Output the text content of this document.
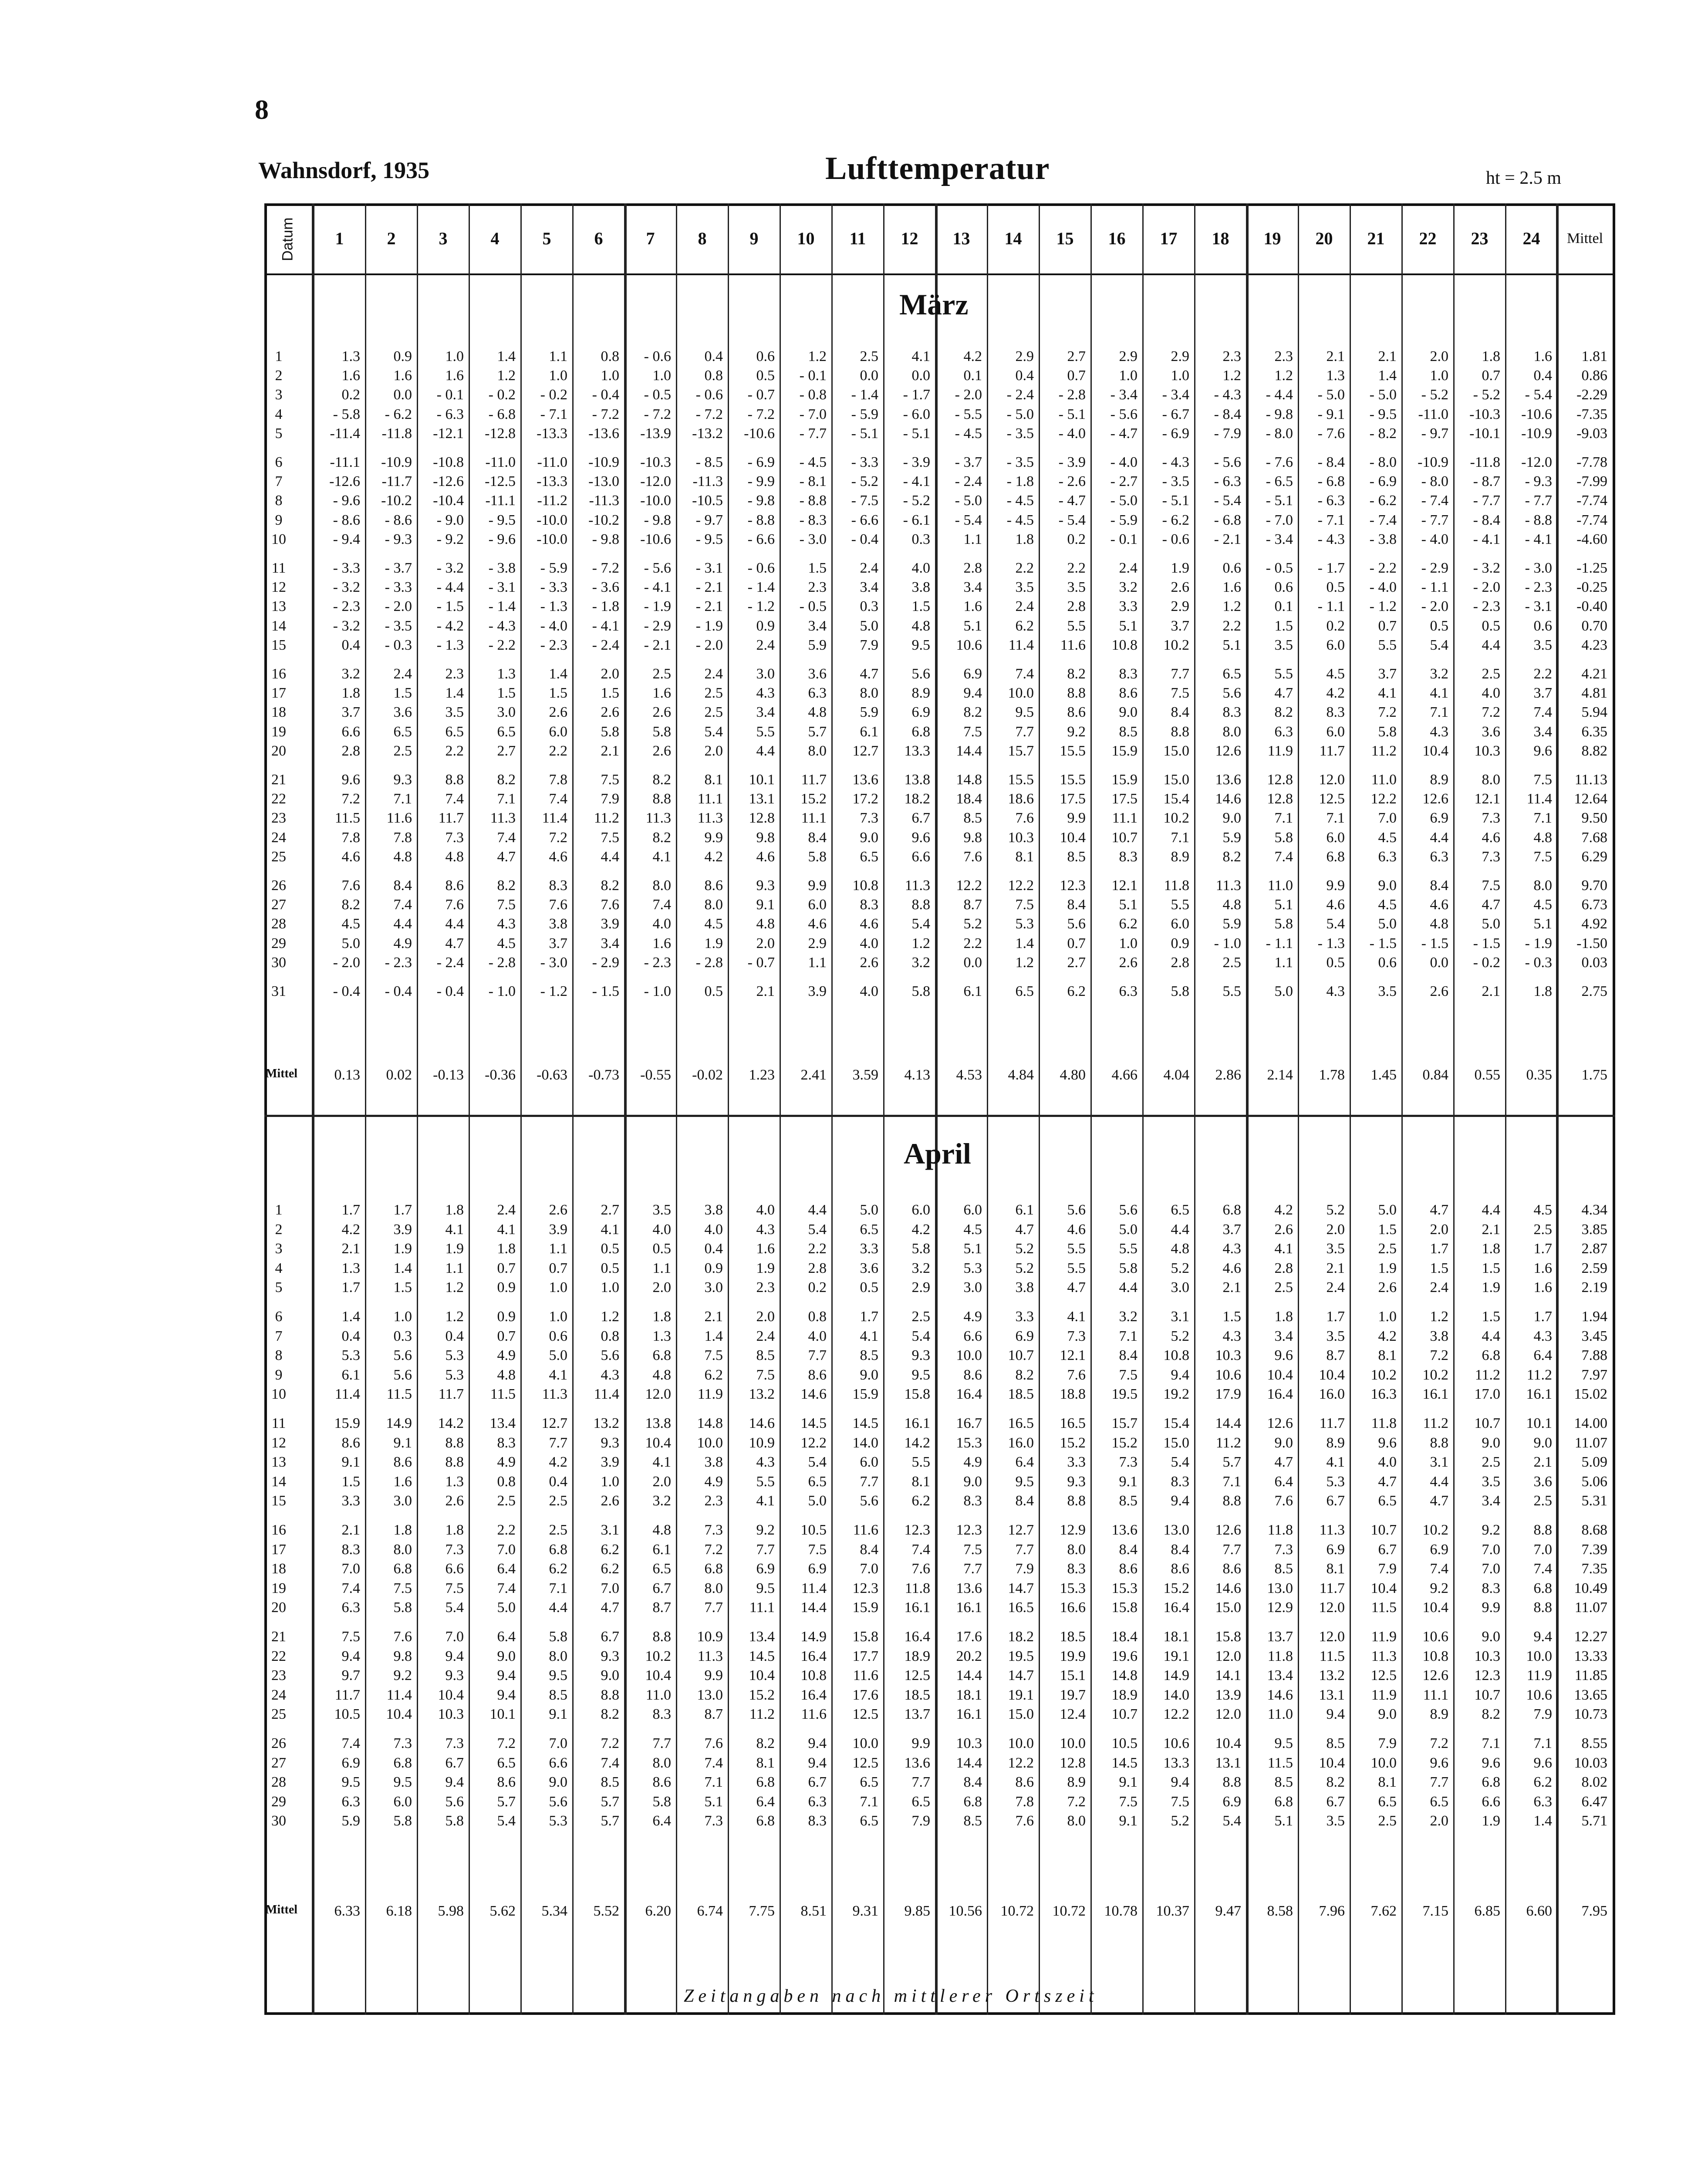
8
Wahnsdorf, 1935	Lufttemperatur	ht = 2.5 m
1	2	3	4	5	6	7	8	9	10	11	12	13	14	15	16	17	18	19	20	21	22	23	24	Mittel
Datum
März
1	1.3	0.9	1.0	1.4	1.1	0.8	- 0.6	0.4	0.6	1.2	2.5	4.1	4.2	2.9	2.7	2.9	2.9	2.3	2.3	2.1	2.1	2.0	1.8	1.6	1.81
2	1.6	1.6	1.6	1.2	1.0	1.0	1.0	0.8	0.5	- 0.1	0.0	0.0	0.1	0.4	0.7	1.0	1.0	1.2	1.2	1.3	1.4	1.0	0.7	0.4	0.86
3	0.2	0.0	- 0.1	- 0.2	- 0.2	- 0.4	- 0.5	- 0.6	- 0.7	- 0.8	- 1.4	- 1.7	- 2.0	- 2.4	- 2.8	- 3.4	- 3.4	- 4.3	- 4.4	- 5.0	- 5.0	- 5.2	- 5.2	- 5.4	-2.29
4	- 5.8	- 6.2	- 6.3	- 6.8	- 7.1	- 7.2	- 7.2	- 7.2	- 7.2	- 7.0	- 5.9	- 6.0	- 5.5	- 5.0	- 5.1	- 5.6	- 6.7	- 8.4	- 9.8	- 9.1	- 9.5	-11.0	-10.3	-10.6	-7.35
5	-11.4	-11.8	-12.1	-12.8	-13.3	-13.6	-13.9	-13.2	-10.6	- 7.7	- 5.1	- 5.1	- 4.5	- 3.5	- 4.0	- 4.7	- 6.9	- 7.9	- 8.0	- 7.6	- 8.2	- 9.7	-10.1	-10.9	-9.03
6	-11.1	-10.9	-10.8	-11.0	-11.0	-10.9	-10.3	- 8.5	- 6.9	- 4.5	- 3.3	- 3.9	- 3.7	- 3.5	- 3.9	- 4.0	- 4.3	- 5.6	- 7.6	- 8.4	- 8.0	-10.9	-11.8	-12.0	-7.78
7	-12.6	-11.7	-12.6	-12.5	-13.3	-13.0	-12.0	-11.3	- 9.9	- 8.1	- 5.2	- 4.1	- 2.4	- 1.8	- 2.6	- 2.7	- 3.5	- 6.3	- 6.5	- 6.8	- 6.9	- 8.0	- 8.7	- 9.3	-7.99
8	- 9.6	-10.2	-10.4	-11.1	-11.2	-11.3	-10.0	-10.5	- 9.8	- 8.8	- 7.5	- 5.2	- 5.0	- 4.5	- 4.7	- 5.0	- 5.1	- 5.4	- 5.1	- 6.3	- 6.2	- 7.4	- 7.7	- 7.7	-7.74
9	- 8.6	- 8.6	- 9.0	- 9.5	-10.0	-10.2	- 9.8	- 9.7	- 8.8	- 8.3	- 6.6	- 6.1	- 5.4	- 4.5	- 5.4	- 5.9	- 6.2	- 6.8	- 7.0	- 7.1	- 7.4	- 7.7	- 8.4	- 8.8	-7.74
10	- 9.4	- 9.3	- 9.2	- 9.6	-10.0	- 9.8	-10.6	- 9.5	- 6.6	- 3.0	- 0.4	0.3	1.1	1.8	0.2	- 0.1	- 0.6	- 2.1	- 3.4	- 4.3	- 3.8	- 4.0	- 4.1	- 4.1	-4.60
11	- 3.3	- 3.7	- 3.2	- 3.8	- 5.9	- 7.2	- 5.6	- 3.1	- 0.6	1.5	2.4	4.0	2.8	2.2	2.2	2.4	1.9	0.6	- 0.5	- 1.7	- 2.2	- 2.9	- 3.2	- 3.0	-1.25
12	- 3.2	- 3.3	- 4.4	- 3.1	- 3.3	- 3.6	- 4.1	- 2.1	- 1.4	2.3	3.4	3.8	3.4	3.5	3.5	3.2	2.6	1.6	0.6	0.5	- 4.0	- 1.1	- 2.0	- 2.3	-0.25
13	- 2.3	- 2.0	- 1.5	- 1.4	- 1.3	- 1.8	- 1.9	- 2.1	- 1.2	- 0.5	0.3	1.5	1.6	2.4	2.8	3.3	2.9	1.2	0.1	- 1.1	- 1.2	- 2.0	- 2.3	- 3.1	-0.40
14	- 3.2	- 3.5	- 4.2	- 4.3	- 4.0	- 4.1	- 2.9	- 1.9	0.9	3.4	5.0	4.8	5.1	6.2	5.5	5.1	3.7	2.2	1.5	0.2	0.7	0.5	0.5	0.6	0.70
15	0.4	- 0.3	- 1.3	- 2.2	- 2.3	- 2.4	- 2.1	- 2.0	2.4	5.9	7.9	9.5	10.6	11.4	11.6	10.8	10.2	5.1	3.5	6.0	5.5	5.4	4.4	3.5	4.23
16	3.2	2.4	2.3	1.3	1.4	2.0	2.5	2.4	3.0	3.6	4.7	5.6	6.9	7.4	8.2	8.3	7.7	6.5	5.5	4.5	3.7	3.2	2.5	2.2	4.21
17	1.8	1.5	1.4	1.5	1.5	1.5	1.6	2.5	4.3	6.3	8.0	8.9	9.4	10.0	8.8	8.6	7.5	5.6	4.7	4.2	4.1	4.1	4.0	3.7	4.81
18	3.7	3.6	3.5	3.0	2.6	2.6	2.6	2.5	3.4	4.8	5.9	6.9	8.2	9.5	8.6	9.0	8.4	8.3	8.2	8.3	7.2	7.1	7.2	7.4	5.94
19	6.6	6.5	6.5	6.5	6.0	5.8	5.8	5.4	5.5	5.7	6.1	6.8	7.5	7.7	9.2	8.5	8.8	8.0	6.3	6.0	5.8	4.3	3.6	3.4	6.35
20	2.8	2.5	2.2	2.7	2.2	2.1	2.6	2.0	4.4	8.0	12.7	13.3	14.4	15.7	15.5	15.9	15.0	12.6	11.9	11.7	11.2	10.4	10.3	9.6	8.82
21	9.6	9.3	8.8	8.2	7.8	7.5	8.2	8.1	10.1	11.7	13.6	13.8	14.8	15.5	15.5	15.9	15.0	13.6	12.8	12.0	11.0	8.9	8.0	7.5	11.13
22	7.2	7.1	7.4	7.1	7.4	7.9	8.8	11.1	13.1	15.2	17.2	18.2	18.4	18.6	17.5	17.5	15.4	14.6	12.8	12.5	12.2	12.6	12.1	11.4	12.64
23	11.5	11.6	11.7	11.3	11.4	11.2	11.3	11.3	12.8	11.1	7.3	6.7	8.5	7.6	9.9	11.1	10.2	9.0	7.1	7.1	7.0	6.9	7.3	7.1	9.50
24	7.8	7.8	7.3	7.4	7.2	7.5	8.2	9.9	9.8	8.4	9.0	9.6	9.8	10.3	10.4	10.7	7.1	5.9	5.8	6.0	4.5	4.4	4.6	4.8	7.68
25	4.6	4.8	4.8	4.7	4.6	4.4	4.1	4.2	4.6	5.8	6.5	6.6	7.6	8.1	8.5	8.3	8.9	8.2	7.4	6.8	6.3	6.3	7.3	7.5	6.29
26	7.6	8.4	8.6	8.2	8.3	8.2	8.0	8.6	9.3	9.9	10.8	11.3	12.2	12.2	12.3	12.1	11.8	11.3	11.0	9.9	9.0	8.4	7.5	8.0	9.70
27	8.2	7.4	7.6	7.5	7.6	7.6	7.4	8.0	9.1	6.0	8.3	8.8	8.7	7.5	8.4	5.1	5.5	4.8	5.1	4.6	4.5	4.6	4.7	4.5	6.73
28	4.5	4.4	4.4	4.3	3.8	3.9	4.0	4.5	4.8	4.6	4.6	5.4	5.2	5.3	5.6	6.2	6.0	5.9	5.8	5.4	5.0	4.8	5.0	5.1	4.92
29	5.0	4.9	4.7	4.5	3.7	3.4	1.6	1.9	2.0	2.9	4.0	1.2	2.2	1.4	0.7	1.0	0.9	- 1.0	- 1.1	- 1.3	- 1.5	- 1.5	- 1.5	- 1.9	-1.50
30	- 2.0	- 2.3	- 2.4	- 2.8	- 3.0	- 2.9	- 2.3	- 2.8	- 0.7	1.1	2.6	3.2	0.0	1.2	2.7	2.6	2.8	2.5	1.1	0.5	0.6	0.0	- 0.2	- 0.3	0.03
31	- 0.4	- 0.4	- 0.4	- 1.0	- 1.2	- 1.5	- 1.0	0.5	2.1	3.9	4.0	5.8	6.1	6.5	6.2	6.3	5.8	5.5	5.0	4.3	3.5	2.6	2.1	1.8	2.75
Mittel	0.13	0.02	-0.13	-0.36	-0.63	-0.73	-0.55	-0.02	1.23	2.41	3.59	4.13	4.53	4.84	4.80	4.66	4.04	2.86	2.14	1.78	1.45	0.84	0.55	0.35	1.75
April
1	1.7	1.7	1.8	2.4	2.6	2.7	3.5	3.8	4.0	4.4	5.0	6.0	6.0	6.1	5.6	5.6	6.5	6.8	4.2	5.2	5.0	4.7	4.4	4.5	4.34
2	4.2	3.9	4.1	4.1	3.9	4.1	4.0	4.0	4.3	5.4	6.5	4.2	4.5	4.7	4.6	5.0	4.4	3.7	2.6	2.0	1.5	2.0	2.1	2.5	3.85
3	2.1	1.9	1.9	1.8	1.1	0.5	0.5	0.4	1.6	2.2	3.3	5.8	5.1	5.2	5.5	5.5	4.8	4.3	4.1	3.5	2.5	1.7	1.8	1.7	2.87
4	1.3	1.4	1.1	0.7	0.7	0.5	1.1	0.9	1.9	2.8	3.6	3.2	5.3	5.2	5.5	5.8	5.2	4.6	2.8	2.1	1.9	1.5	1.5	1.6	2.59
5	1.7	1.5	1.2	0.9	1.0	1.0	2.0	3.0	2.3	0.2	0.5	2.9	3.0	3.8	4.7	4.4	3.0	2.1	2.5	2.4	2.6	2.4	1.9	1.6	2.19
6	1.4	1.0	1.2	0.9	1.0	1.2	1.8	2.1	2.0	0.8	1.7	2.5	4.9	3.3	4.1	3.2	3.1	1.5	1.8	1.7	1.0	1.2	1.5	1.7	1.94
7	0.4	0.3	0.4	0.7	0.6	0.8	1.3	1.4	2.4	4.0	4.1	5.4	6.6	6.9	7.3	7.1	5.2	4.3	3.4	3.5	4.2	3.8	4.4	4.3	3.45
8	5.3	5.6	5.3	4.9	5.0	5.6	6.8	7.5	8.5	7.7	8.5	9.3	10.0	10.7	12.1	8.4	10.8	10.3	9.6	8.7	8.1	7.2	6.8	6.4	7.88
9	6.1	5.6	5.3	4.8	4.1	4.3	4.8	6.2	7.5	8.6	9.0	9.5	8.6	8.2	7.6	7.5	9.4	10.6	10.4	10.4	10.2	10.2	11.2	11.2	7.97
10	11.4	11.5	11.7	11.5	11.3	11.4	12.0	11.9	13.2	14.6	15.9	15.8	16.4	18.5	18.8	19.5	19.2	17.9	16.4	16.0	16.3	16.1	17.0	16.1	15.02
11	15.9	14.9	14.2	13.4	12.7	13.2	13.8	14.8	14.6	14.5	14.5	16.1	16.7	16.5	16.5	15.7	15.4	14.4	12.6	11.7	11.8	11.2	10.7	10.1	14.00
12	8.6	9.1	8.8	8.3	7.7	9.3	10.4	10.0	10.9	12.2	14.0	14.2	15.3	16.0	15.2	15.2	15.0	11.2	9.0	8.9	9.6	8.8	9.0	9.0	11.07
13	9.1	8.6	8.8	4.9	4.2	3.9	4.1	3.8	4.3	5.4	6.0	5.5	4.9	6.4	3.3	7.3	5.4	5.7	4.7	4.1	4.0	3.1	2.5	2.1	5.09
14	1.5	1.6	1.3	0.8	0.4	1.0	2.0	4.9	5.5	6.5	7.7	8.1	9.0	9.5	9.3	9.1	8.3	7.1	6.4	5.3	4.7	4.4	3.5	3.6	5.06
15	3.3	3.0	2.6	2.5	2.5	2.6	3.2	2.3	4.1	5.0	5.6	6.2	8.3	8.4	8.8	8.5	9.4	8.8	7.6	6.7	6.5	4.7	3.4	2.5	5.31
16	2.1	1.8	1.8	2.2	2.5	3.1	4.8	7.3	9.2	10.5	11.6	12.3	12.3	12.7	12.9	13.6	13.0	12.6	11.8	11.3	10.7	10.2	9.2	8.8	8.68
17	8.3	8.0	7.3	7.0	6.8	6.2	6.1	7.2	7.7	7.5	8.4	7.4	7.5	7.7	8.0	8.4	8.4	7.7	7.3	6.9	6.7	6.9	7.0	7.0	7.39
18	7.0	6.8	6.6	6.4	6.2	6.2	6.5	6.8	6.9	6.9	7.0	7.6	7.7	7.9	8.3	8.6	8.6	8.6	8.5	8.1	7.9	7.4	7.0	7.4	7.35
19	7.4	7.5	7.5	7.4	7.1	7.0	6.7	8.0	9.5	11.4	12.3	11.8	13.6	14.7	15.3	15.3	15.2	14.6	13.0	11.7	10.4	9.2	8.3	6.8	10.49
20	6.3	5.8	5.4	5.0	4.4	4.7	8.7	7.7	11.1	14.4	15.9	16.1	16.1	16.5	16.6	15.8	16.4	15.0	12.9	12.0	11.5	10.4	9.9	8.8	11.07
21	7.5	7.6	7.0	6.4	5.8	6.7	8.8	10.9	13.4	14.9	15.8	16.4	17.6	18.2	18.5	18.4	18.1	15.8	13.7	12.0	11.9	10.6	9.0	9.4	12.27
22	9.4	9.8	9.4	9.0	8.0	9.3	10.2	11.3	14.5	16.4	17.7	18.9	20.2	19.5	19.9	19.6	19.1	12.0	11.8	11.5	11.3	10.8	10.3	10.0	13.33
23	9.7	9.2	9.3	9.4	9.5	9.0	10.4	9.9	10.4	10.8	11.6	12.5	14.4	14.7	15.1	14.8	14.9	14.1	13.4	13.2	12.5	12.6	12.3	11.9	11.85
24	11.7	11.4	10.4	9.4	8.5	8.8	11.0	13.0	15.2	16.4	17.6	18.5	18.1	19.1	19.7	18.9	14.0	13.9	14.6	13.1	11.9	11.1	10.7	10.6	13.65
25	10.5	10.4	10.3	10.1	9.1	8.2	8.3	8.7	11.2	11.6	12.5	13.7	16.1	15.0	12.4	10.7	12.2	12.0	11.0	9.4	9.0	8.9	8.2	7.9	10.73
26	7.4	7.3	7.3	7.2	7.0	7.2	7.7	7.6	8.2	9.4	10.0	9.9	10.3	10.0	10.0	10.5	10.6	10.4	9.5	8.5	7.9	7.2	7.1	7.1	8.55
27	6.9	6.8	6.7	6.5	6.6	7.4	8.0	7.4	8.1	9.4	12.5	13.6	14.4	12.2	12.8	14.5	13.3	13.1	11.5	10.4	10.0	9.6	9.6	9.6	10.03
28	9.5	9.5	9.4	8.6	9.0	8.5	8.6	7.1	6.8	6.7	6.5	7.7	8.4	8.6	8.9	9.1	9.4	8.8	8.5	8.2	8.1	7.7	6.8	6.2	8.02
29	6.3	6.0	5.6	5.7	5.6	5.7	5.8	5.1	6.4	6.3	7.1	6.5	6.8	7.8	7.2	7.5	7.5	6.9	6.8	6.7	6.5	6.5	6.6	6.3	6.47
30	5.9	5.8	5.8	5.4	5.3	5.7	6.4	7.3	6.8	8.3	6.5	7.9	8.5	7.6	8.0	9.1	5.2	5.4	5.1	3.5	2.5	2.0	1.9	1.4	5.71
Mittel	6.33	6.18	5.98	5.62	5.34	5.52	6.20	6.74	7.75	8.51	9.31	9.85	10.56	10.72	10.72	10.78	10.37	9.47	8.58	7.96	7.62	7.15	6.85	6.60	7.95
Zeitangaben nach mittlerer Ortszeit
